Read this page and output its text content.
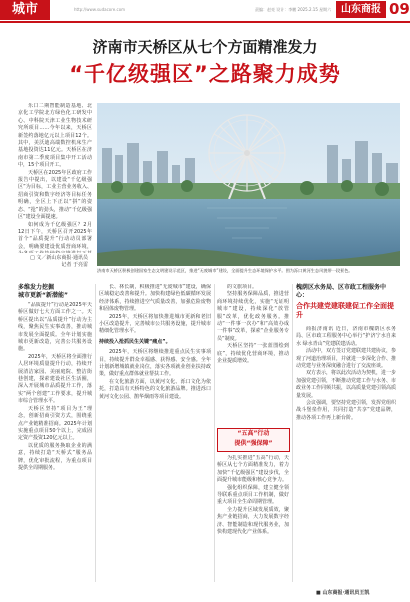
城市	http://www.sudacore.com	责编：赵亮 设计：李鹏 2025.2.15 星期六 山东商报 09
济南市天桥区从七个方面精准发力
“千亿级强区”之路聚力成势

乐口二期智能制造基地、北京化工学院北方绿色化工研发中心、中科院天津工业生物技术研究所项目……今年以来，天桥区新签约落地亿元以上项目12个。其中，美沃迪高端数控机床生产基地投资达11亿元。天桥区在济南市第二季度项目集中开工活动中，15个项目开工。

天桥区在2025年区政府工作报告中提出，以建设“千亿级强区”为目标，工业主营业务收入、招商引资和数字经济等目标任务明确，全区上下正以“拼”的姿态、“抢”的劲头，推动“千亿级强区”建设全面提速。

如何成为千亿级强区？2月12日下午，天桥区召开2025年首个“品质提升”行动动员部署会，明确要建设优质营商环境，

□ 文／新山东商报·通讯员
记者 于亮雷
济南市天桥区积极创建国家生态文明建设示范区，推进“无废城市”建设，全面提升生态环境保护水平。图为泺口黄河生态风貌带一段景色。
多维发力挖掘
城市更新“新潜能”

“品质提升”行动是2025年天桥区做好七大方面工作之一。天桥区提出以“品质提升”行动为主线，聚焦民生实事改善，推动城市发展全面提质。全年计划实施城市更新改造，完善公共服务设施。

2025年，天桥区将全面推行人居环境质量提升行动，持续开展清洁家园、美丽庭院、整洁街巷创建，探索建设社区生活圈，深入开展城市品质提升工作，落实“两个创建”工作要求，提升城市综合管理水平。

天桥区坚持“项目为王”理念，创新招商引资方式，围绕重点产业链精准招商。2025年计划实施重点项目50个以上，完成固定资产投资120亿元以上。

以优质的服务换取企业的满意，持续打造“天桥式”服务品牌，优化审批流程，为重点项目提供全周期服务。

长、林长制，积极推进“无废城市”建设，确保区域稳定改善和提升。加快构建绿色低碳循环发展经济体系，持续推进空气质量改善，加强危险废物和固体废物管理。

2025年，天桥区将加快推进城市更新和老旧小区改造提升，完善城市公共服务设施，提升城市精细化管理水平。

持续投入抢抓民生关键“痛点”。

2025年，天桥区将继续推进重点民生实事项目，持续提升群众幸福感、获得感、安全感。全年计划新增城镇就业岗位，落实各项就业创业扶持政策，做好重点群体就业帮扶工作。

在文化旅游方面，以黄河文化、泺口文化为依托，打造具有天桥特色的文化旅游品牌。推进泺口黄河文化公园、鹊华烟雨等项目建设。

的文旅项目。

坚持服务保障品质，推进营商环境持续优化，实施“无证明城市”建设，持续深化“放管服”改革，优化政务服务。推动“一件事一次办”和“高效办成一件事”改革，探索“企业服务专员”制度。

天桥区坚持“一张蓝图绘到底”，持续优化营商环境，推动企业提质增效。

“五高”行动
提供“强保障”

为扎实推进“五高”行动，天桥区从七个方面精准发力，着力加快“千亿级强区”建设步伐，全面提升城市能级和核心竞争力。

强化组织保障，建立健全领导联系重点项目工作机制，做好重大项目全生命周期管理。

全力提升区域发展质效，聚焦产业链招商，大力发展数字经济、智能制造和现代服务业，加快构建现代化产业体系。

槐荫区水务局、区市政工程服务中心：
合作共建党建联建促工作全面提升

商报济南讯 近日，济南市槐荫区水务局、区市政工程服务中心举行“护济宁水自来水 绿水青山”党建联建活动。

活动中，双方签订党建联建共建协议，参观了河道治理项目，并就进一步深化合作、推动党建与业务深度融合进行了交流座谈。

双方表示，将以此次活动为契机，进一步加强党建引领，不断推动党建工作与水务、市政业务工作同频共振，以高质量党建引领高质量发展。

会议强调，要坚持党建引领，发挥党组织战斗堡垒作用，共同打造“共享”党建品牌，推动各项工作再上新台阶。

■ 山东商报·通讯员王凯
